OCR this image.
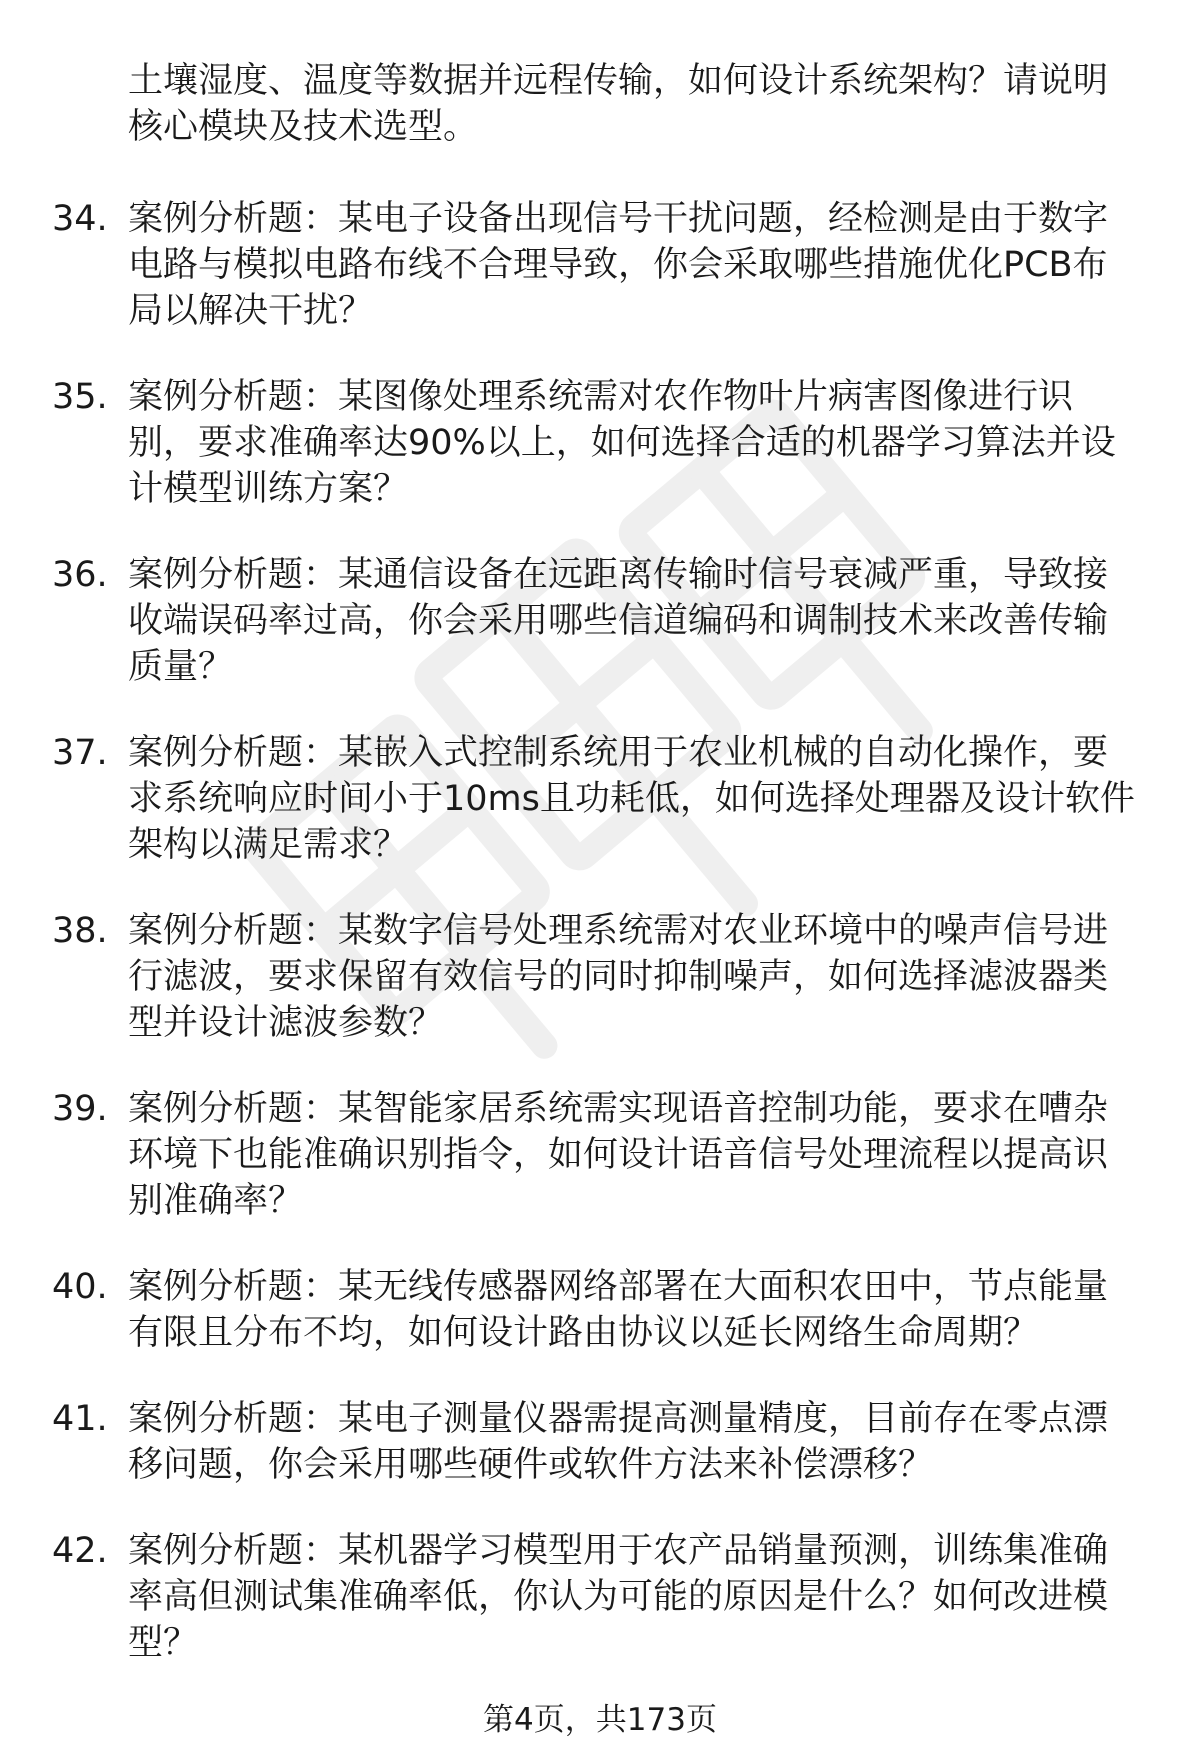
土壤湿度、温度等数据并远程传输，如何设计系统架构？请说明核心模块及技术选型。

34. 案例分析题：某电子设备出现信号干扰问题，经检测是由于数字电路与模拟电路布线不合理导致，你会采取哪些措施优化PCB布局以解决干扰？
35. 案例分析题：某图像处理系统需对农作物叶片病害图像进行识别，要求准确率达90%以上，如何选择合适的机器学习算法并设计模型训练方案？
36. 案例分析题：某通信设备在远距离传输时信号衰减严重，导致接收端误码率过高，你会采用哪些信道编码和调制技术来改善传输质量？
37. 案例分析题：某嵌入式控制系统用于农业机械的自动化操作，要求系统响应时间小于10ms且功耗低，如何选择处理器及设计软件架构以满足需求？
38. 案例分析题：某数字信号处理系统需对农业环境中的噪声信号进行滤波，要求保留有效信号的同时抑制噪声，如何选择滤波器类型并设计滤波参数？
39. 案例分析题：某智能家居系统需实现语音控制功能，要求在嘈杂环境下也能准确识别指令，如何设计语音信号处理流程以提高识别准确率？
40. 案例分析题：某无线传感器网络部署在大面积农田中，节点能量有限且分布不均，如何设计路由协议以延长网络生命周期？
41. 案例分析题：某电子测量仪器需提高测量精度，目前存在零点漂移问题，你会采用哪些硬件或软件方法来补偿漂移？
42. 案例分析题：某机器学习模型用于农产品销量预测，训练集准确率高但测试集准确率低，你认为可能的原因是什么？如何改进模型？
第4页，共173页
